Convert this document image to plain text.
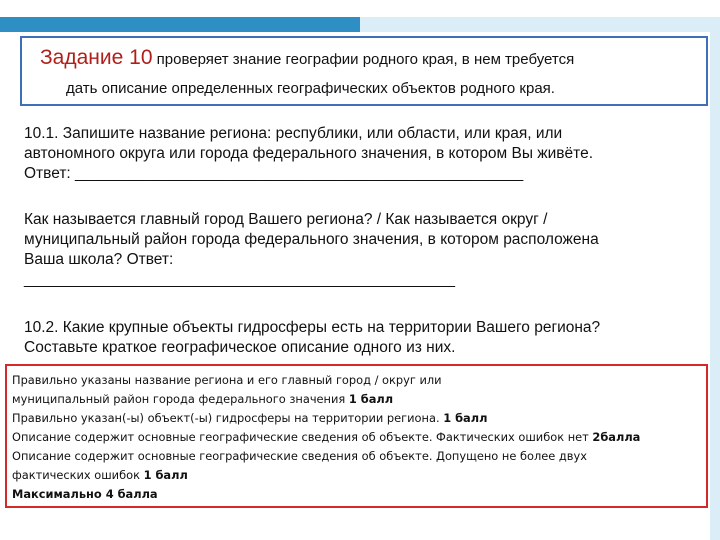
Задание 10 проверяет знание географии родного края, в нем требуется
дать описание определенных географических объектов родного края.

10.1. Запишите название региона: республики, или области, или края, или

автономного округа или города федерального значения, в котором Вы живёте.

Ответ: ____________________________________________________

Как называется главный город Вашего региона? / Как называется округ /

муниципальный район города федерального значения, в котором расположена

Ваша школа? Ответ:

__________________________________________________

10.2. Какие крупные объекты гидросферы есть на территории Вашего региона?

Составьте краткое географическое описание одного из них.

Правильно указаны название региона и его главный город / округ или

муниципальный район города федерального значения 1 балл

Правильно указан(-ы) объект(-ы) гидросферы на территории региона. 1 балл

Описание содержит основные географические сведения об объекте. Фактических ошибок нет 2балла

Описание содержит основные географические сведения об объекте. Допущено не более двух

фактических ошибок 1 балл

Максимально 4 балла
